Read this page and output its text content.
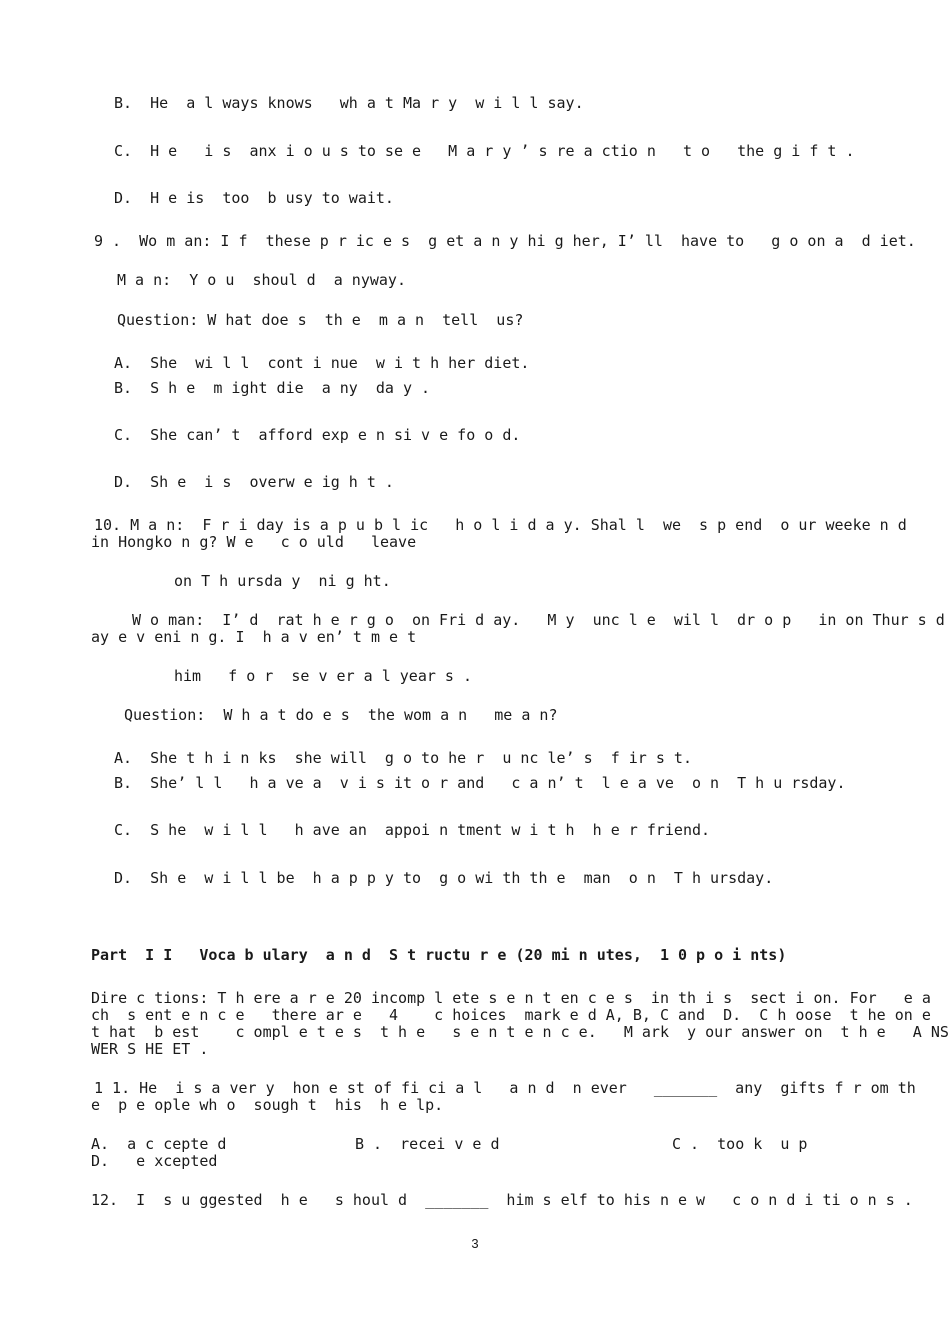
B.  He  a l ways knows   wh a t Ma r y  w i l l say.
C.  H e   i s  anx i o u s to se e   M a r y ’ s re a ctio n   t o   the g i f t .
D.  H e is  too  b usy to wait.
9 .  Wo m an: I f  these p r ic e s  g et a n y hi g her, I’ ll  have to   g o on a  d iet.
M a n:  Y o u  shoul d  a nyway.
Question: W hat doe s  th e  m a n  tell  us?
A.  She  wi l l  cont i nue  w i t h her diet.
B.  S h e  m ight die  a ny  da y .
C.  She can’ t  afford exp e n si v e fo o d.
D.  Sh e  i s  overw e ig h t .
10. M a n:  F r i day is a p u b l ic   h o l i d a y. Shal l  we  s p end  o ur weeke n d
in Hongko n g? W e   c o uld   leave
on T h ursda y  ni g ht.
W o man:  I’ d  rat h e r g o  on Fri d ay.   M y  unc l e  wil l  dr o p   in on Thur s d
ay e v eni n g. I  h a v en’ t m e t
him   f o r  se v er a l year s .
Question:  W h a t do e s  the wom a n   me a n?
A.  She t h i n ks  she will  g o to he r  u nc le’ s  f ir s t.
B.  She’ l l   h a ve a  v i s it o r and   c a n’ t  l e a ve  o n  T h u rsday.
C.  S he  w i l l   h ave an  appoi n tment w i t h  h e r friend.
D.  Sh e  w i l l be  h a p p y to  g o wi th th e  man  o n  T h ursday.
Part  I I   Voca b ulary  a n d  S t ructu r e (20 mi n utes,  1 0 p o i nts)
Dire c tions: T h ere a r e 20 incomp l ete s e n t en c e s  in th i s  sect i on. For   e a
ch  s ent e n c e   there ar e   4    c hoices  mark e d A, B, C and  D.  C h oose  t he on e
t hat  b est    c ompl e t e s  t h e   s e n t e n c e.   M ark  y our answer on  t h e   A NS
WER S HE ET .
1 1. He  i s a ver y  hon e st of fi ci a l   a n d  n ever   _______  any  gifts f r om th
e  p e ople wh o  sough t  his  h e lp.
A.  a c cepte d	B .  recei v e d	C .  too k  u p
D.   e xcepted
12.  I  s u ggested  h e   s houl d  _______  him s elf to his n e w   c o n d i ti o n s .
3
